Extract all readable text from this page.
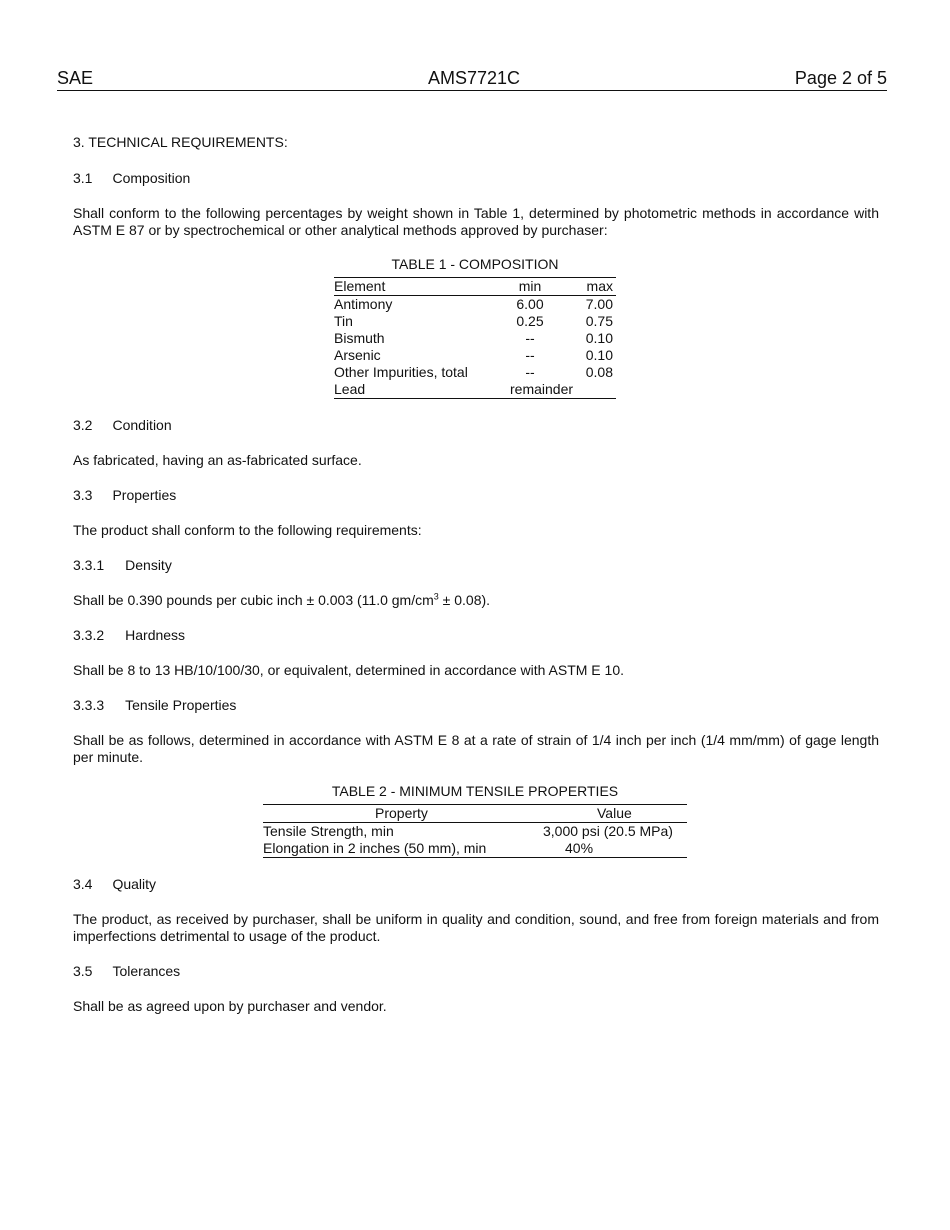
SAE	AMS7721C	Page 2 of 5
3. TECHNICAL REQUIREMENTS:
3.1 Composition
Shall conform to the following percentages by weight shown in Table 1, determined by photometric methods in accordance with ASTM E 87 or by spectrochemical or other analytical methods approved by purchaser:
TABLE 1 - COMPOSITION
Element	min	max
Antimony	6.00	7.00
Tin	0.25	0.75
Bismuth	--	0.10
Arsenic	--	0.10
Other Impurities, total	--	0.08
Lead	remainder
3.2 Condition
As fabricated, having an as-fabricated surface.
3.3 Properties
The product shall conform to the following requirements:
3.3.1 Density
Shall be 0.390 pounds per cubic inch ± 0.003 (11.0 $gm/cm^3 \pm 0.08$).
3.3.2 Hardness
Shall be 8 to 13 HB/10/100/30, or equivalent, determined in accordance with ASTM E 10.
3.3.3 Tensile Properties
Shall be as follows, determined in accordance with ASTM E 8 at a rate of strain of 1/4 inch per inch (1/4 mm/mm) of gage length per minute.
TABLE 2 - MINIMUM TENSILE PROPERTIES
Property	Value
Tensile Strength, min	3,000 psi (20.5 MPa)
Elongation in 2 inches (50 mm), min	40%
3.4 Quality
The product, as received by purchaser, shall be uniform in quality and condition, sound, and free from foreign materials and from imperfections detrimental to usage of the product.
3.5 Tolerances
Shall be as agreed upon by purchaser and vendor.
